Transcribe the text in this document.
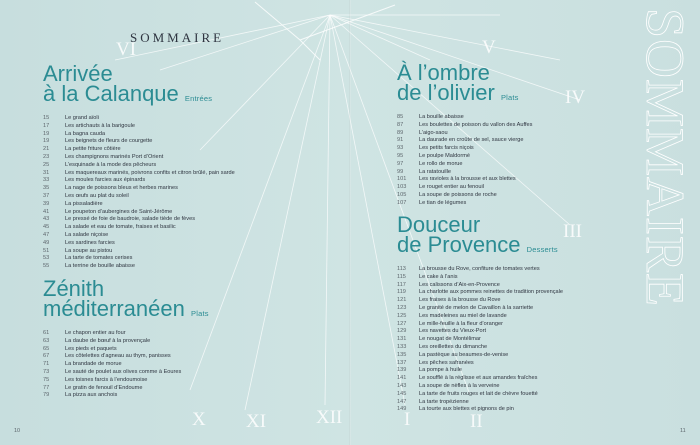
VI	V
IV
III
X XI	XII	I	II
SOMMAIRE	SOMMAIRE
Arrivée
à la Calanque Entrées
15	Le grand aïoli
17	Les artichauts à la barigoule
19	La bagna cauda
19	Les beignets de fleurs de courgette
21	La petite friture côtière
23	Les champignons marinés Port d’Orient
25	L’esquinade à la mode des pêcheurs
31	Les maquereaux marinés, poivrons confits et citron brûlé, pain sarde
33	Les moules farcies aux épinards
35	La nage de poissons bleus et herbes marines
37	Les œufs au plat du soleil
39	La pissaladière
41	Le poupeton d’aubergines de Saint-Jérôme
43	Le pressé de foie de baudroie, salade tiède de fèves
45	La salade et eau de tomate, fraises et basilic
47	La salade niçoise
49	Les sardines farcies
51	La soupe au pistou
53	La tarte de tomates cerises
55	La terrine de bouille abaisse
Zénith
méditerranéen Plats
61	Le chapon entier au four
63	La daube de bœuf à la provençale
65	Les pieds et paquets
67	Les côtelettes d’agneau au thym, panisses
71	La brandade de morue
73	Le sauté de poulet aux olives comme à Eoures
75	Les toisnes farcis à l’endoumoise
77	Le gratin de fenouil d’Endoume
79	La pizza aux anchois
À l’ombre
de l’olivier Plats
85	La bouille abaisse
87	Les boulettes de poisson du vallon des Auffes
89	L’aigo-saou
91	La daurade en croûte de sel, sauce vierge
93	Les petits farcis niçois
95	Le poulpe Maldormé
97	Le rollo de morue
99	La ratatouille
101	Les ravioles à la brousse et aux blettes
103	Le rouget entier au fenouil
105	La soupe de poissons de roche
107	Le tian de légumes
Douceur
de Provence Desserts
113	La brousse du Rove, confiture de tomates vertes
115	Le cake à l’anis
117	Les calissons d’Aix-en-Provence
119	La charlotte aux pommes reinettes de tradition provençale
121	Les fraises à la brousse du Rove
123	Le granité de melon de Cavaillon à la sarriette
125	Les madeleines au miel de lavande
127	Le mille-feuille à la fleur d’oranger
129	Les navettes du Vieux-Port
131	Le nougat de Montélimar
133	Les oreillettes du dimanche
135	La pastèque au beaumes-de-venise
137	Les pêches safranées
139	La pompe à huile
141	Le soufflé à la réglisse et aux amandes fraîches
143	La soupe de nèfles à la verveine
145	La tarte de fruits rouges et lait de chèvre fouetté
147	La tarte tropézienne
149	La tourte aux blettes et pignons de pin
10	11
